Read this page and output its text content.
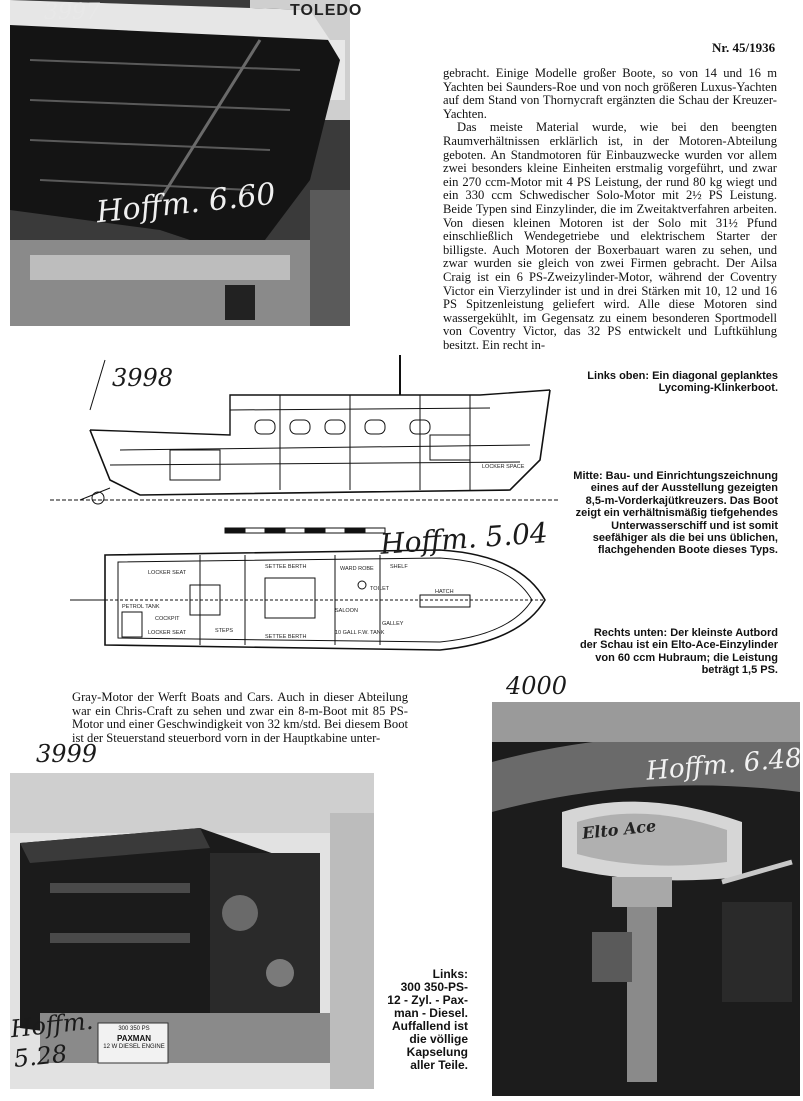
Nr. 45/1936
TOLEDO
3997
Hoffm. 6.60

gebracht. Einige Modelle großer Boote, so von 14 und 16 m Yachten bei Saunders-Roe und von noch größeren Luxus-Yachten auf dem Stand von Thornycraft ergänzten die Schau der Kreuzer-Yachten.

Das meiste Material wurde, wie bei den beengten Raumverhältnissen erklärlich ist, in der Motoren-Abteilung geboten. An Standmotoren für Einbauzwecke wurden vor allem zwei besonders kleine Einheiten erstmalig vorgeführt, und zwar ein 270 ccm-Motor mit 4 PS Leistung, der rund 80 kg wiegt und ein 330 ccm Schwedischer Solo-Motor mit 2½ PS Leistung. Beide Typen sind Einzylinder, die im Zweitaktverfahren arbeiten. Von diesen kleinen Motoren ist der Solo mit 31½ Pfund einschließlich Wendegetriebe und elektrischem Starter der billigste. Auch Motoren der Boxerbauart waren zu sehen, und zwar wurden sie gleich von zwei Firmen gebracht. Der Ailsa Craig ist ein 6 PS-Zweizylinder-Motor, während der Coventry Victor ein Vierzylinder ist und in drei Stärken mit 10, 12 und 16 PS Spitzenleistung geliefert wird. Alle diese Motoren sind wassergekühlt, im Gegensatz zu einem besonderen Sportmodell von Coventry Victor, das 32 PS entwickelt und Luftkühlung besitzt. Ein recht in-

LOCKER SPACE
LOCKER SEAT
LOCKER SEAT
SETTEE BERTH
SETTEE BERTH
WARD ROBE	SHELF
TOILET
SALOON
HATCH
GALLEY
COCKPIT
STEPS
PETROL TANK
10 GALL F.W. TANK
3998
Hoffm. 5.04
Links oben: Ein diagonal geplanktes Lycoming-Klinkerboot.
Mitte: Bau- und Einrichtungszeichnung eines auf der Ausstellung gezeigten 8,5-m-Vorderkajütkreuzers. Das Boot zeigt ein verhältnismäßig tiefgehendes Unterwasserschiff und ist somit seefähiger als die bei uns üblichen, flachgehenden Boote dieses Typs.
Rechts unten: Der kleinste Autbord der Schau ist ein Elto-Ace-Einzylinder von 60 ccm Hubraum; die Leistung beträgt 1,5 PS.

Gray-Motor der Werft Boats and Cars. Auch in dieser Abteilung war ein Chris-Craft zu sehen und zwar ein 8-m-Boot mit 85 PS-Motor und einer Geschwindigkeit von 32 km/std. Bei diesem Boot ist der Steuerstand steuerbord vorn in der Hauptkabine unter-

300 350 PS
PAXMAN
12 W DIESEL ENGINE
3999
Hoffm. 5.28
Links:
300 350-PS-
12 - Zyl. - Pax-
man - Diesel.
Auffallend ist
die völlige
Kapselung
aller Teile.
Elto Ace
4000
Hoffm. 6.48
